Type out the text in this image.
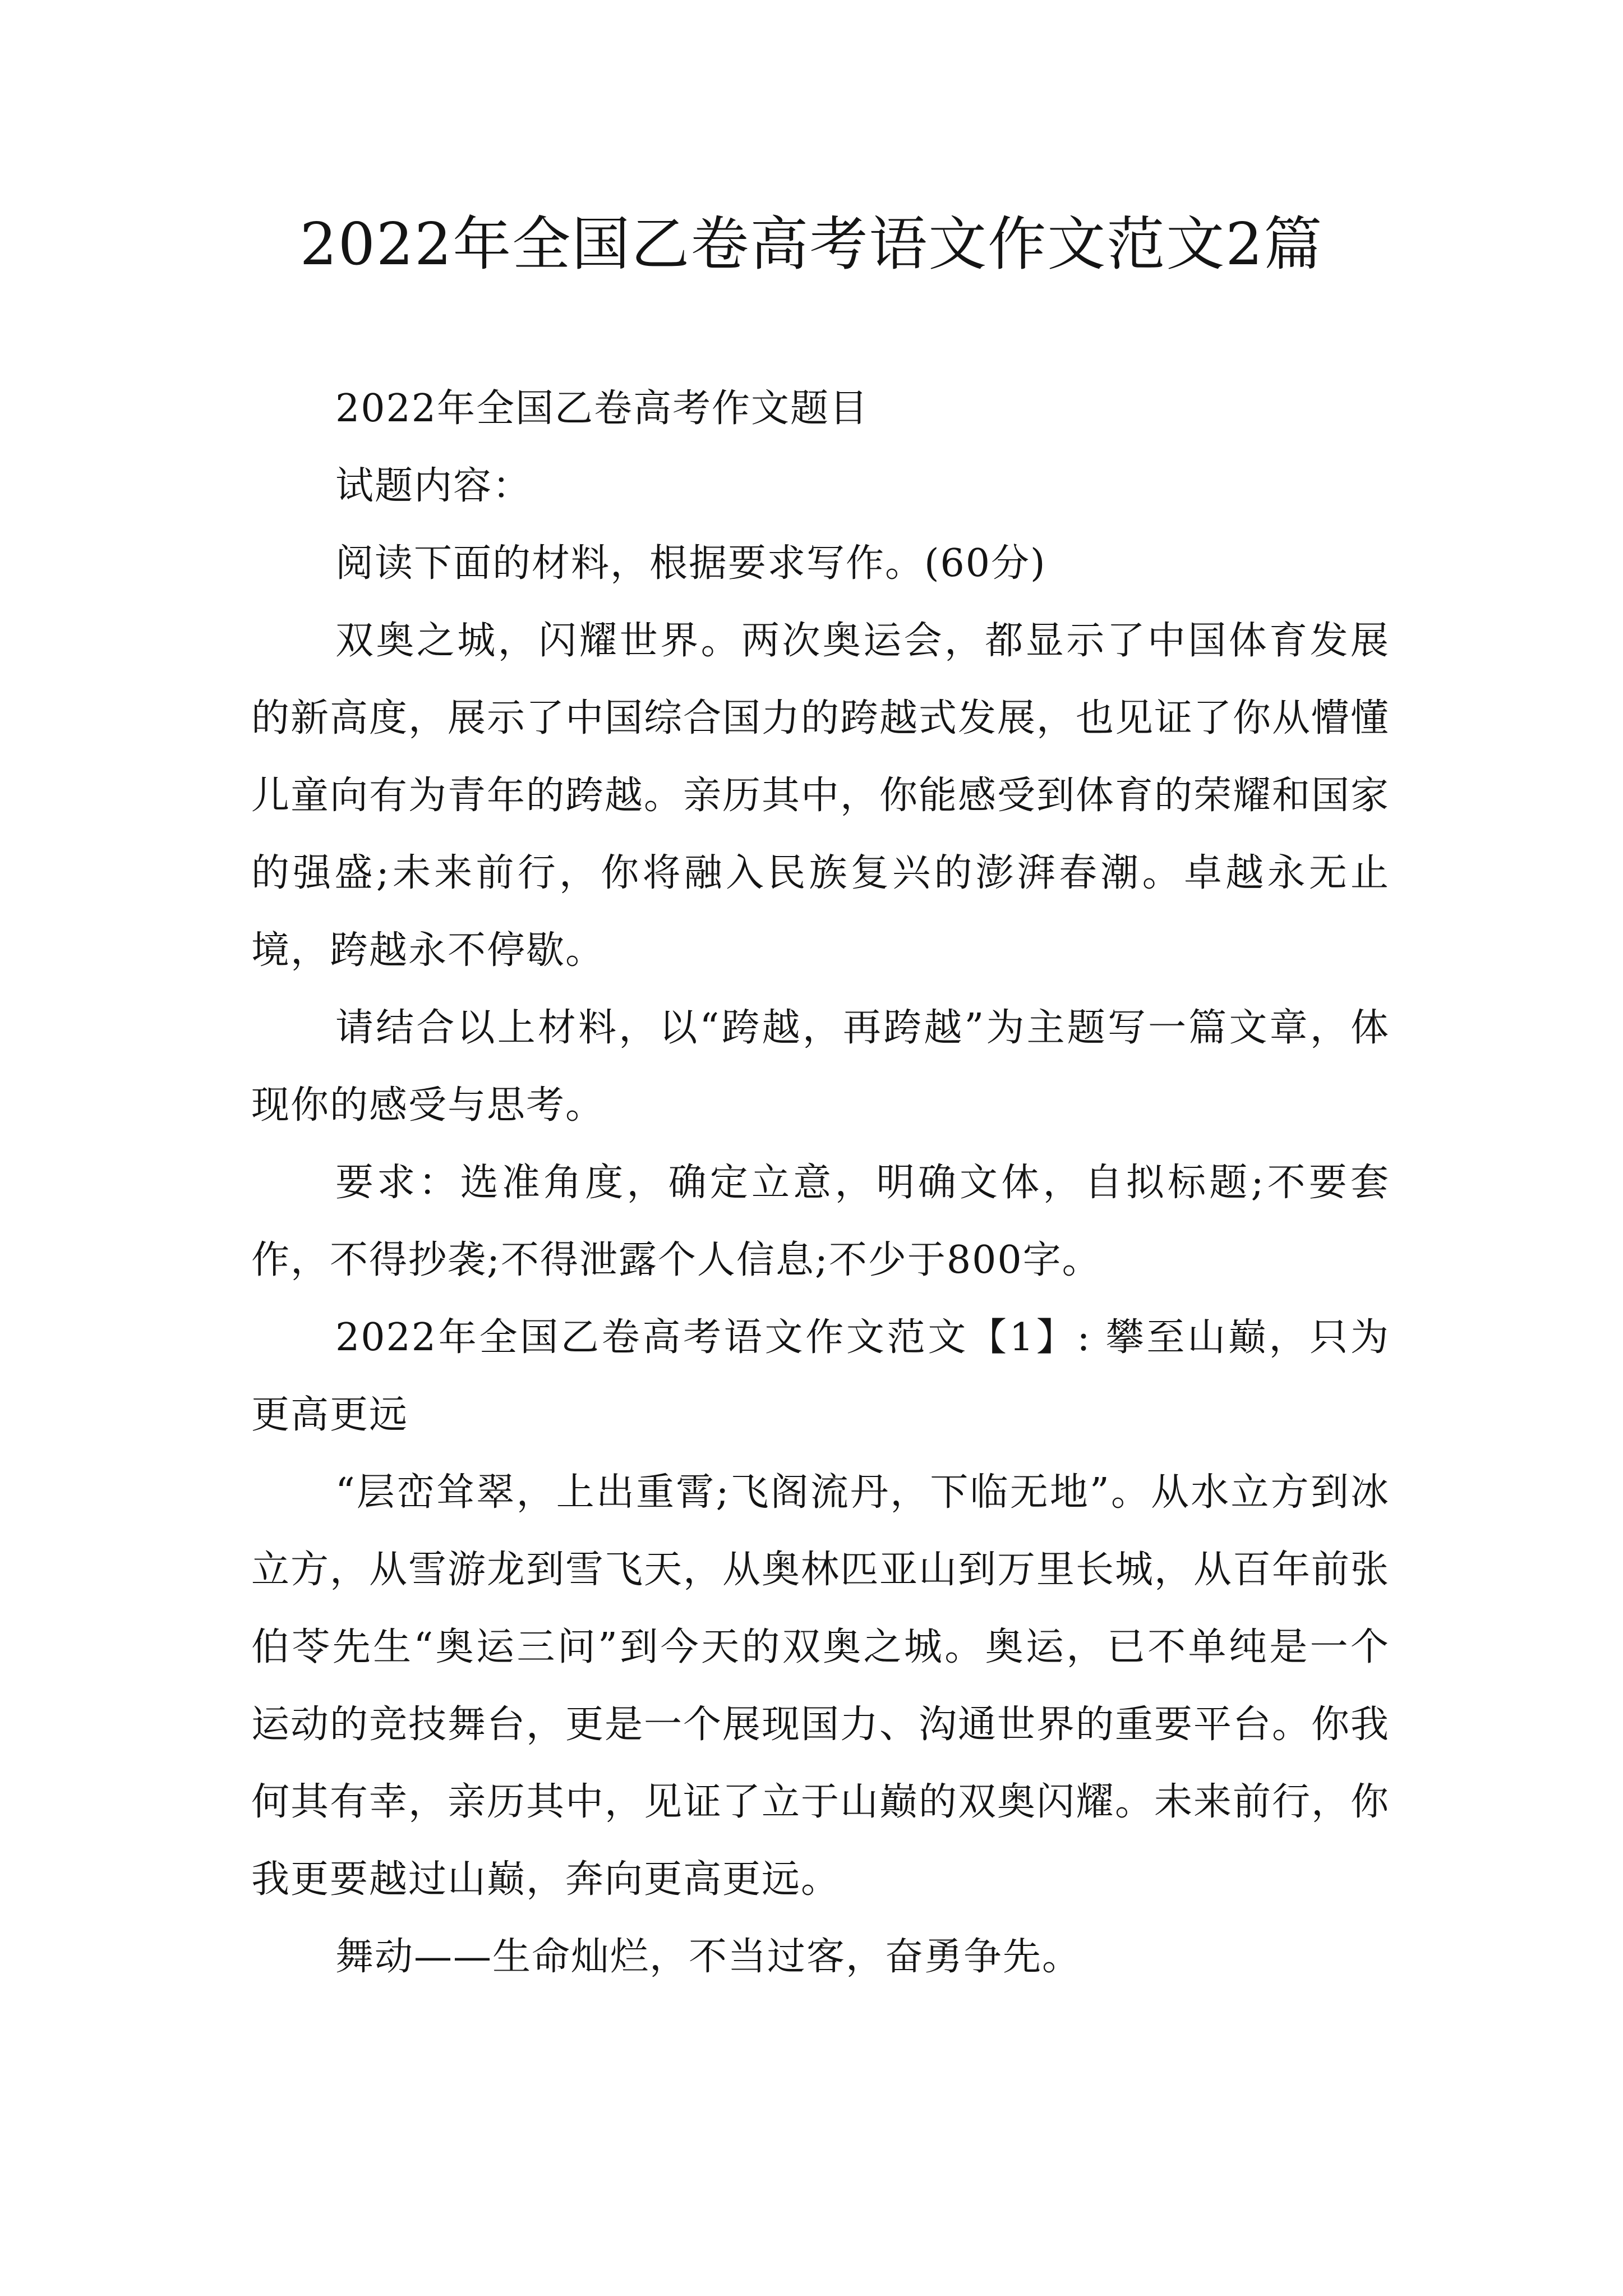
2022年全国乙卷高考语文作文范文2篇

2022年全国乙卷高考作文题目

试题内容：

阅读下面的材料，根据要求写作。(60分)

双奥之城，闪耀世界。两次奥运会，都显示了中国体育发展的新高度，展示了中国综合国力的跨越式发展，也见证了你从懵懂儿童向有为青年的跨越。亲历其中，你能感受到体育的荣耀和国家的强盛;未来前行，你将融入民族复兴的澎湃春潮。卓越永无止境，跨越永不停歇。

请结合以上材料，以“跨越，再跨越”为主题写一篇文章，体现你的感受与思考。

要求：选准角度，确定立意，明确文体，自拟标题;不要套作，不得抄袭;不得泄露个人信息;不少于800字。

2022年全国乙卷高考语文作文范文【1】: 攀至山巅，只为更高更远

“层峦耸翠，上出重霄;飞阁流丹，下临无地”。从水立方到冰立方，从雪游龙到雪飞天，从奥林匹亚山到万里长城，从百年前张伯苓先生“奥运三问”到今天的双奥之城。奥运，已不单纯是一个运动的竞技舞台，更是一个展现国力、沟通世界的重要平台。你我何其有幸，亲历其中，见证了立于山巅的双奥闪耀。未来前行，你我更要越过山巅，奔向更高更远。

舞动——生命灿烂，不当过客，奋勇争先。
